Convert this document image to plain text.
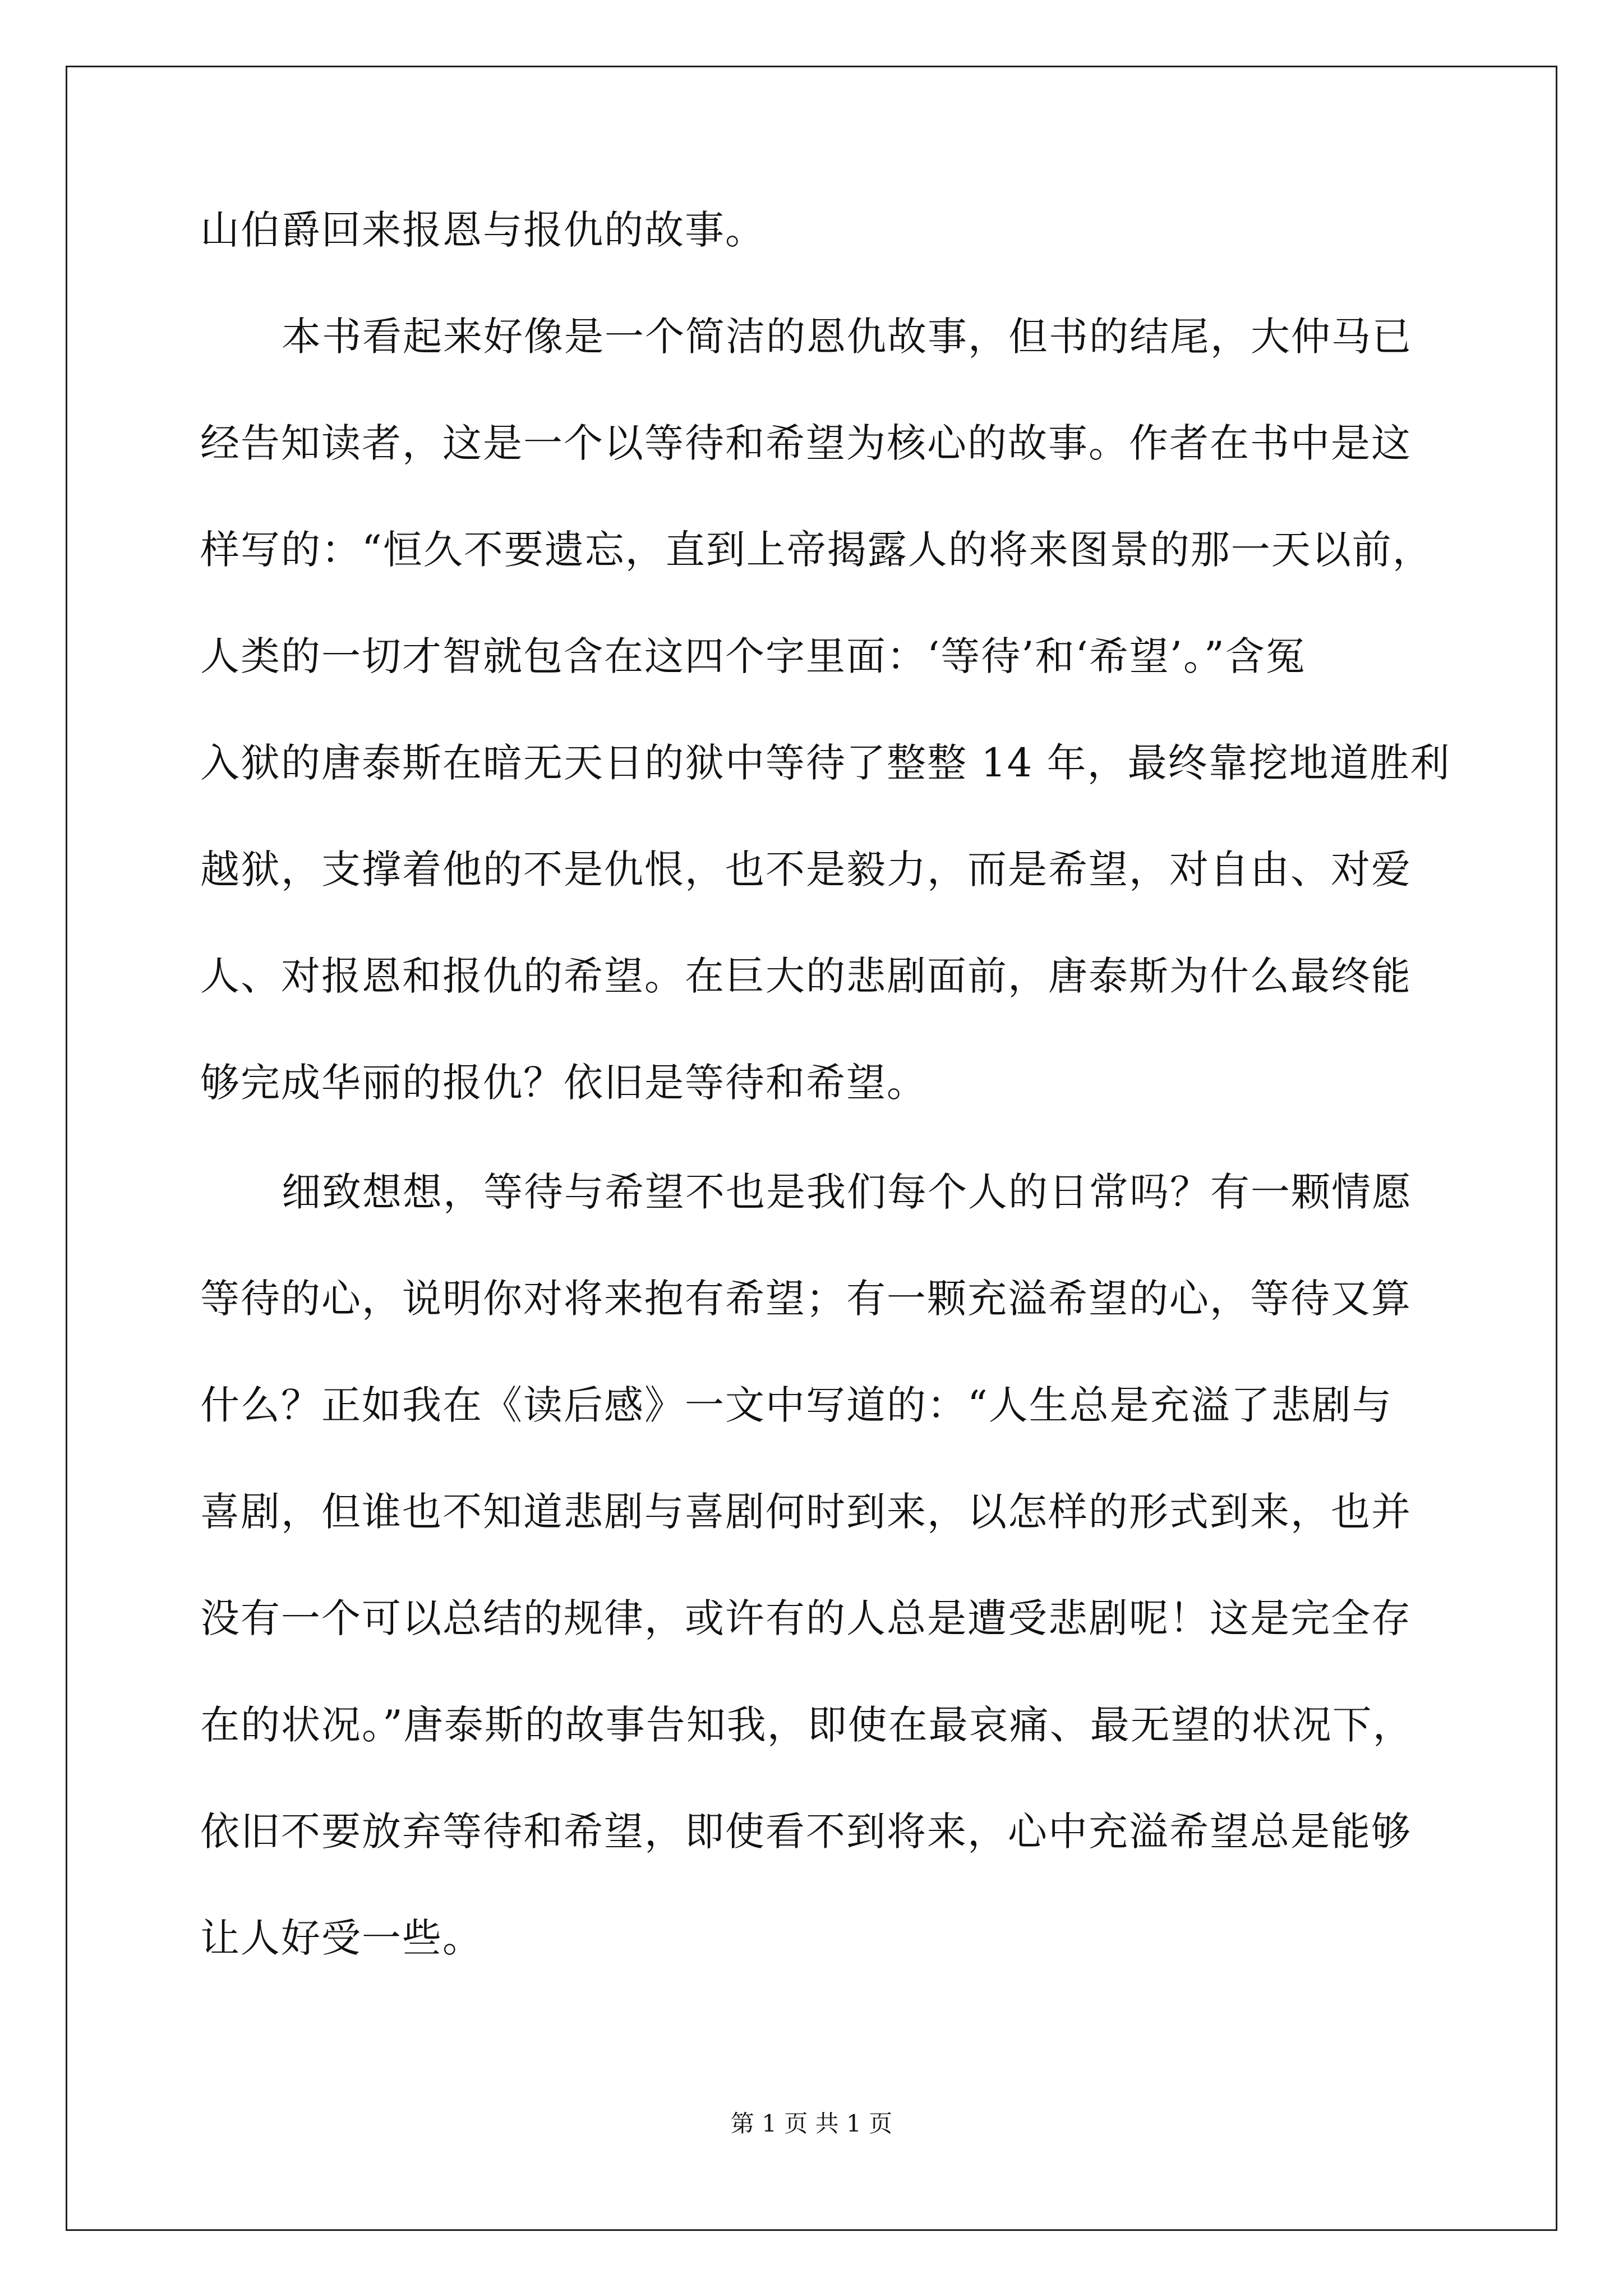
山伯爵回来报恩与报仇的故事。
本书看起来好像是一个简洁的恩仇故事，但书的结尾，大仲马已
经告知读者，这是一个以等待和希望为核心的故事。作者在书中是这
样写的：“恒久不要遗忘，直到上帝揭露人的将来图景的那一天以前，
人类的一切才智就包含在这四个字里面：‘等待’和‘希望’。”含冤
入狱的唐泰斯在暗无天日的狱中等待了整整 14 年，最终靠挖地道胜利
越狱，支撑着他的不是仇恨，也不是毅力，而是希望，对自由、对爱
人、对报恩和报仇的希望。在巨大的悲剧面前，唐泰斯为什么最终能
够完成华丽的报仇？依旧是等待和希望。
细致想想，等待与希望不也是我们每个人的日常吗？有一颗情愿
等待的心，说明你对将来抱有希望；有一颗充溢希望的心，等待又算
什么？正如我在《读后感》一文中写道的：“人生总是充溢了悲剧与
喜剧，但谁也不知道悲剧与喜剧何时到来，以怎样的形式到来，也并
没有一个可以总结的规律，或许有的人总是遭受悲剧呢！这是完全存
在的状况。”唐泰斯的故事告知我，即使在最哀痛、最无望的状况下，
依旧不要放弃等待和希望，即使看不到将来，心中充溢希望总是能够
让人好受一些。
第 1 页 共 1 页
